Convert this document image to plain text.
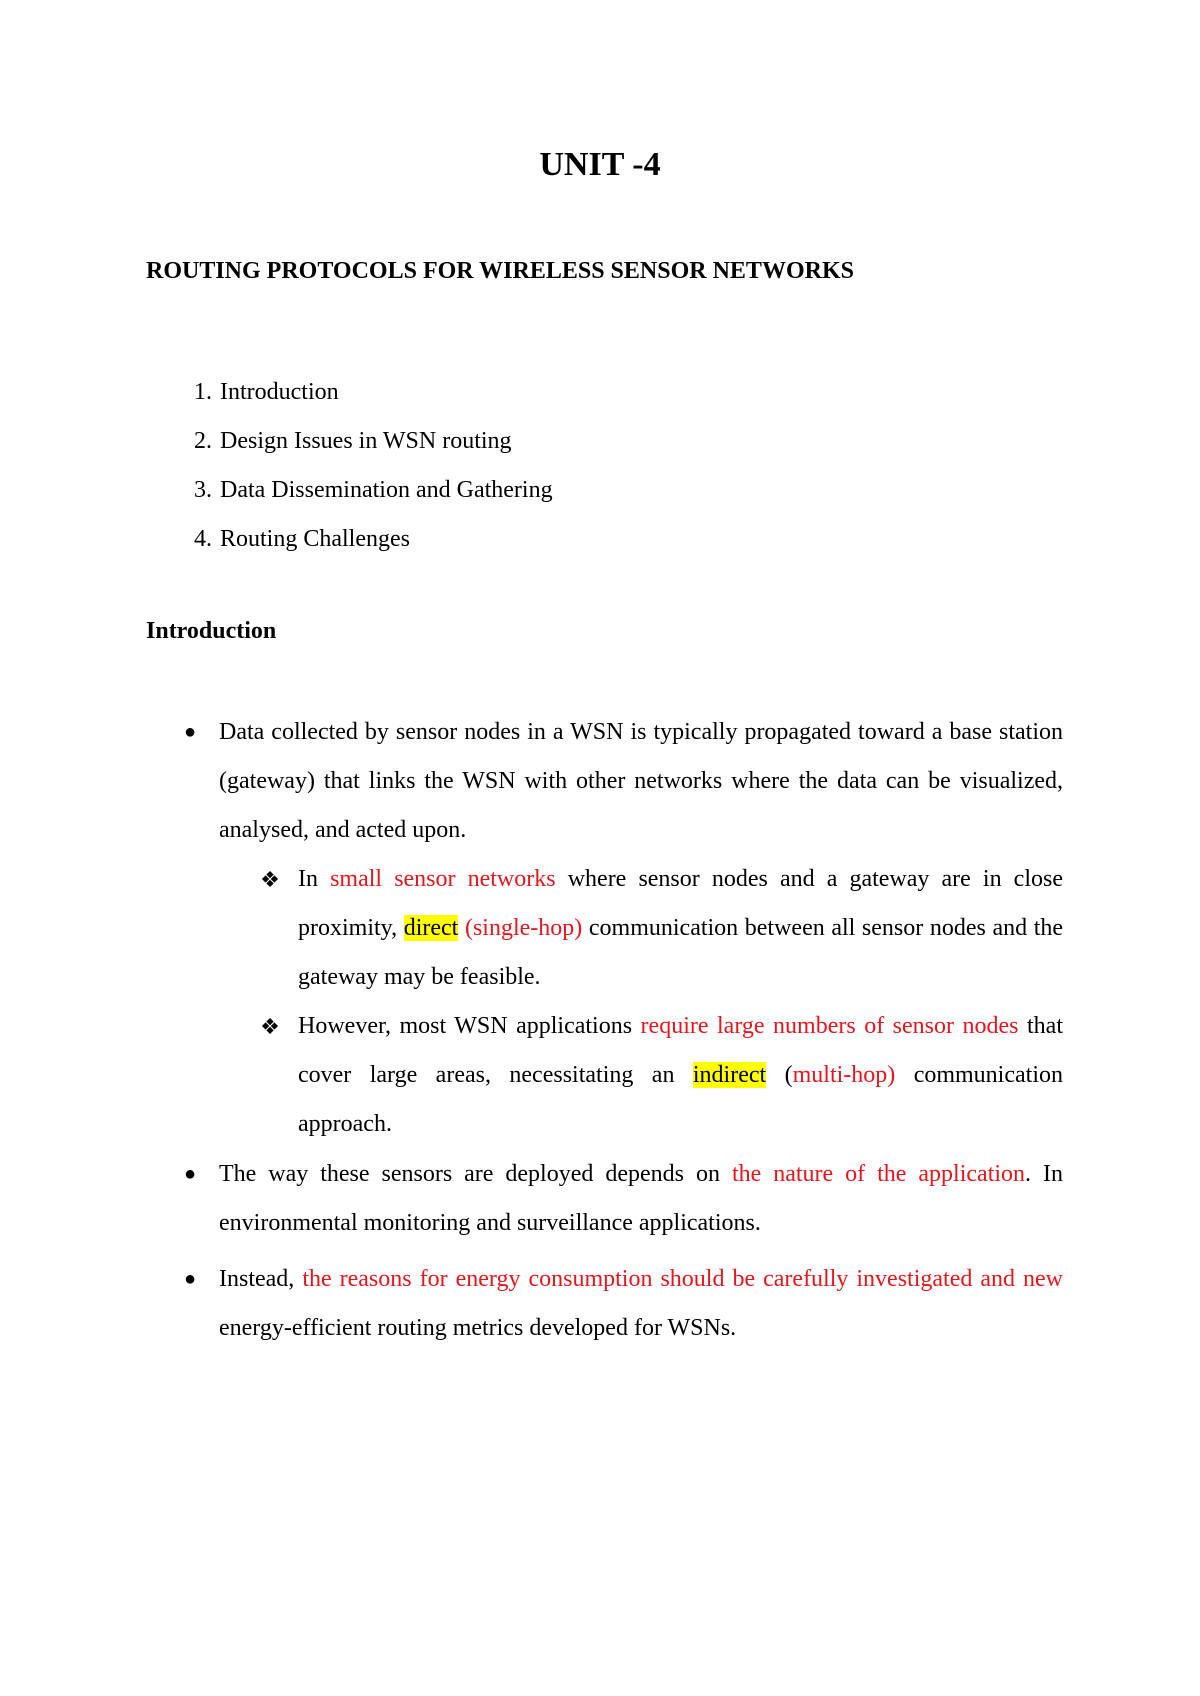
UNIT -4
ROUTING PROTOCOLS FOR WIRELESS SENSOR NETWORKS
1. Introduction
2. Design Issues in WSN routing
3. Data Dissemination and Gathering
4. Routing Challenges
Introduction
● Data collected by sensor nodes in a WSN is typically propagated toward a base station (gateway) that links the WSN with other networks where the data can be visualized, analysed, and acted upon.

❖ In small sensor networks where sensor nodes and a gateway are in close proximity, direct (single-hop) communication between all sensor nodes and the gateway may be feasible.

❖ However, most WSN applications require large numbers of sensor nodes that cover large areas, necessitating an indirect (multi-hop) communication approach.

● The way these sensors are deployed depends on the nature of the application. In environmental monitoring and surveillance applications.

● Instead, the reasons for energy consumption should be carefully investigated and new energy-efficient routing metrics developed for WSNs.
